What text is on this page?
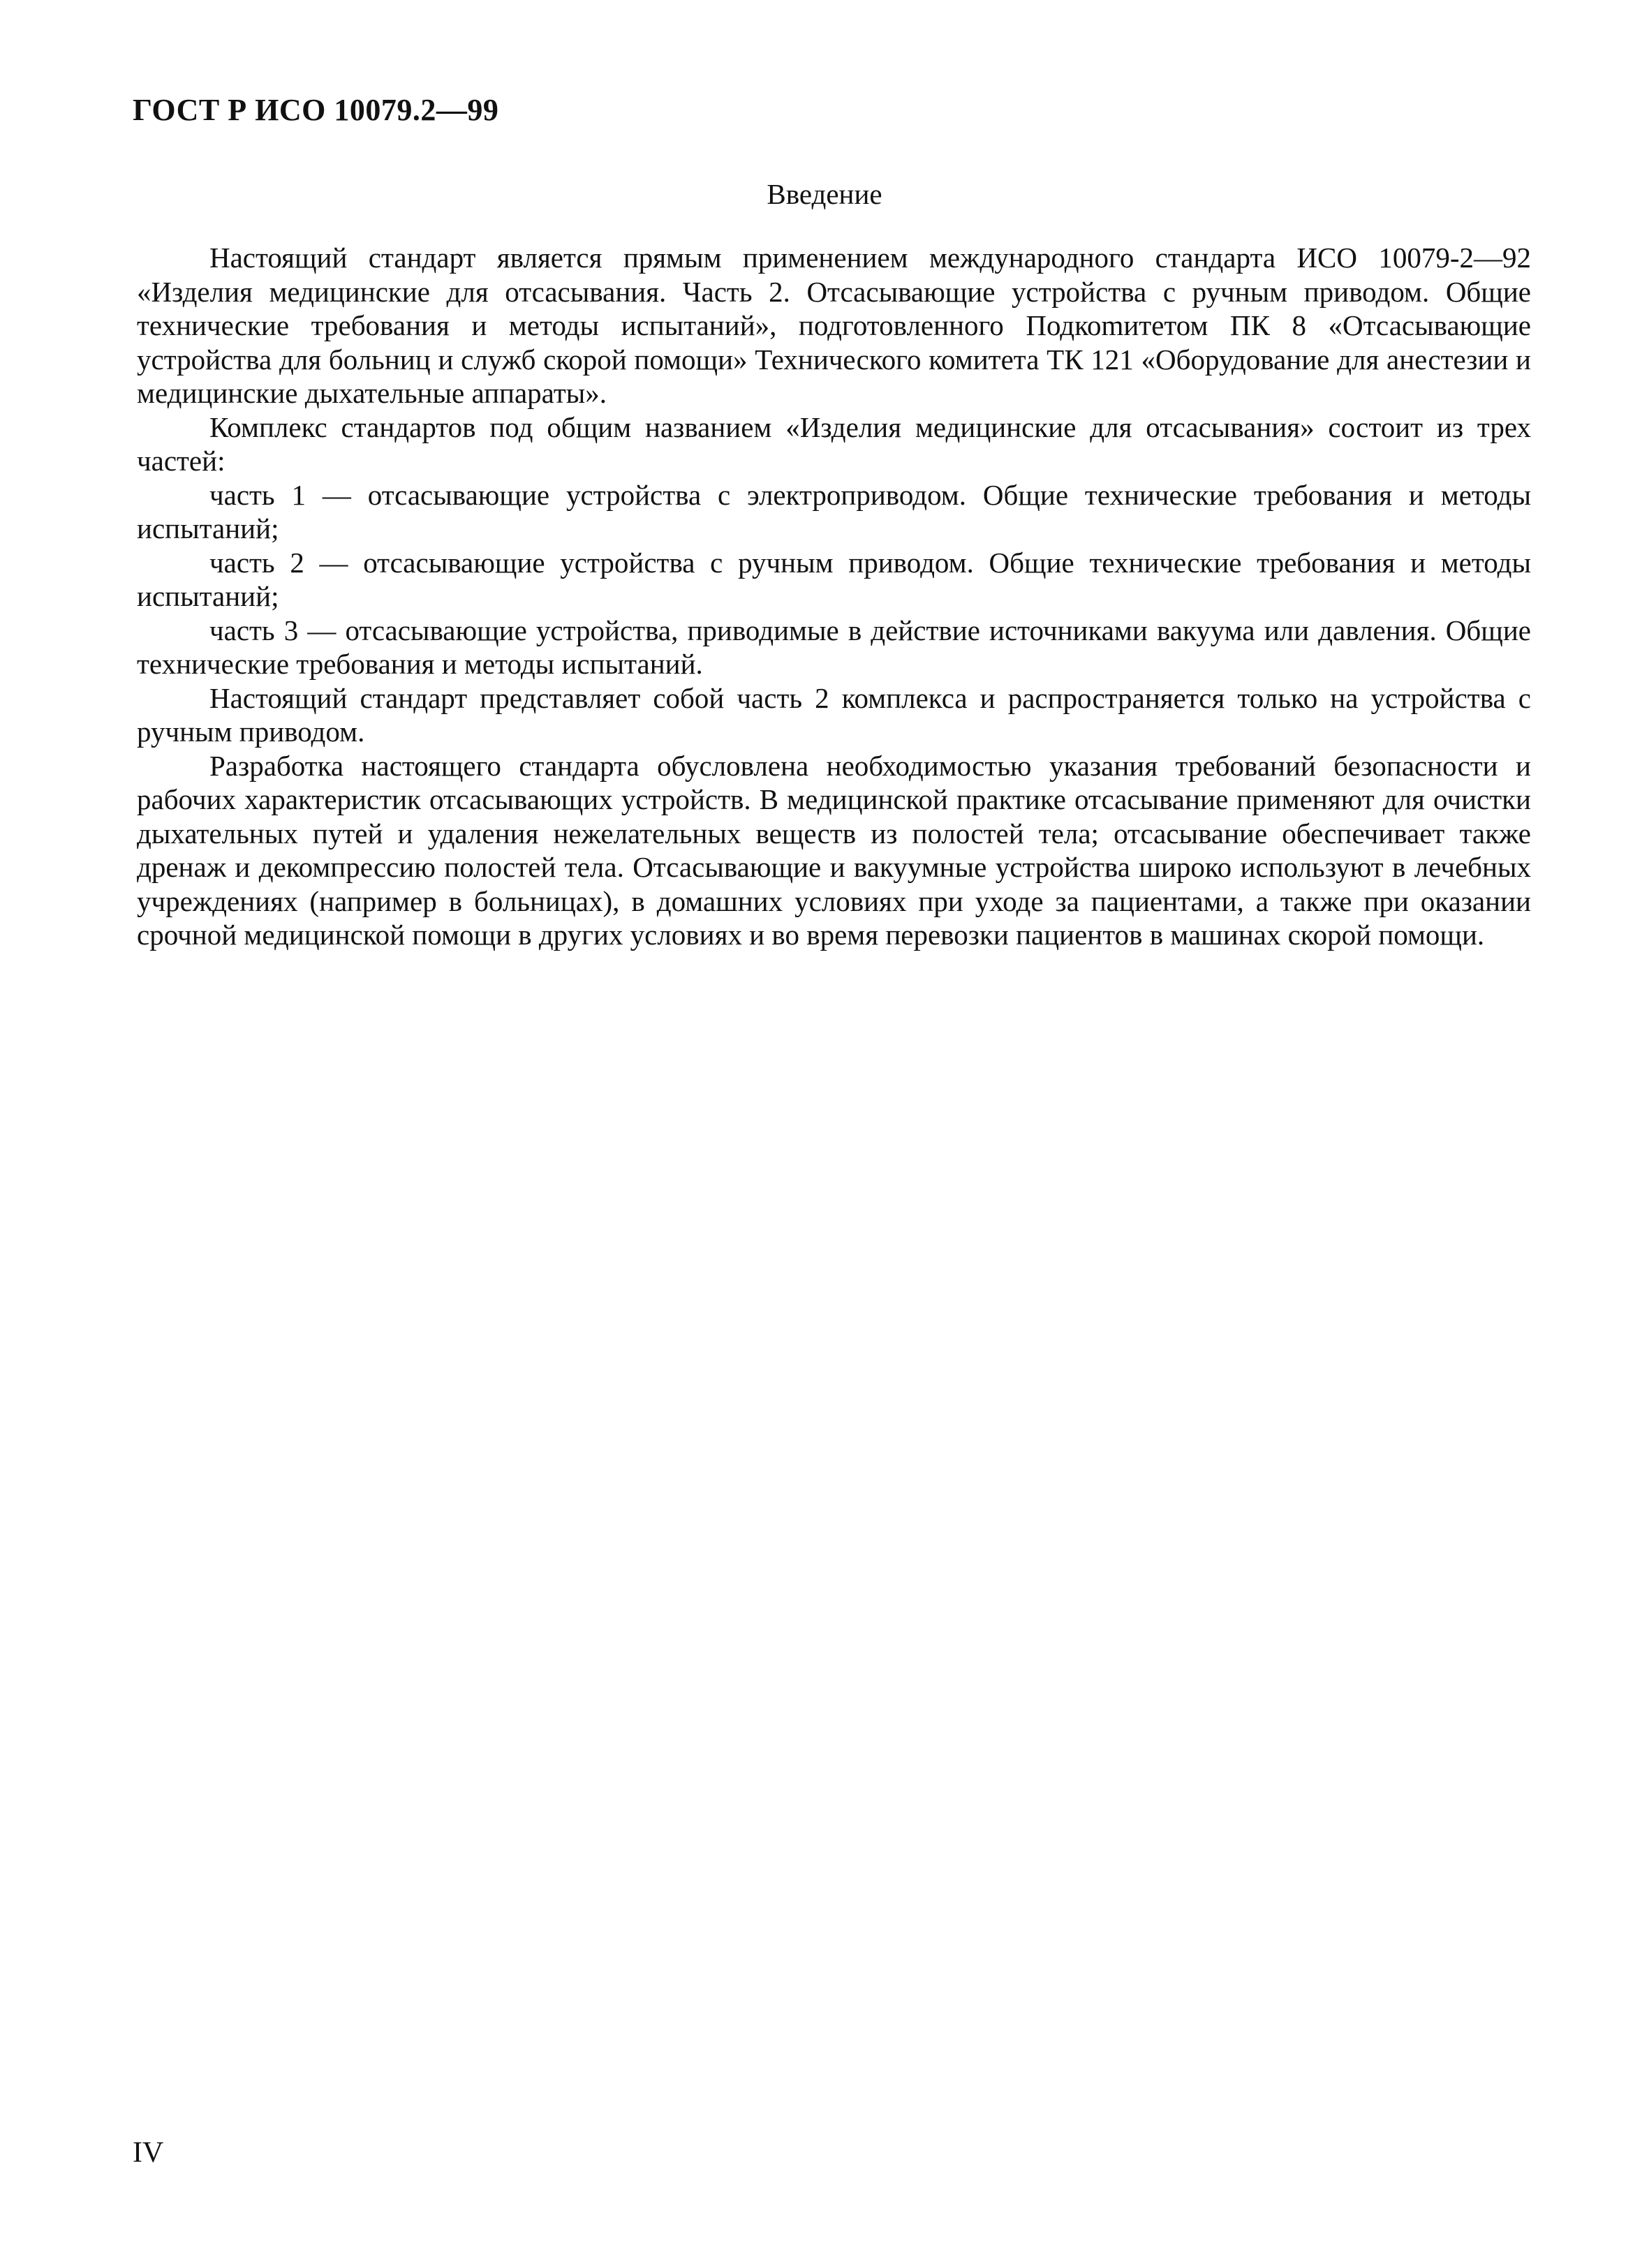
ГОСТ Р ИСО 10079.2—99
Введение

Настоящий стандарт является прямым применением международного стандарта ИСО 10079-2—92 «Изделия медицинские для отсасывания. Часть 2. Отсасывающие устройства с ручным приводом. Общие технические требования и методы испытаний», подготовленного Подкоmитетом ПК 8 «Отсасывающие устройства для больниц и служб скорой помощи» Технического комитета ТК 121 «Оборудование для анестезии и медицинские дыхательные аппараты».

Комплекс стандартов под общим названием «Изделия медицинские для отсасывания» состоит из трех частей:

часть 1 — отсасывающие устройства с электроприводом. Общие технические требования и методы испытаний;

часть 2 — отсасывающие устройства с ручным приводом. Общие технические требования и методы испытаний;

часть 3 — отсасывающие устройства, приводимые в действие источниками вакуума или давления. Общие технические требования и методы испытаний.

Настоящий стандарт представляет собой часть 2 комплекса и распространяется только на устройства с ручным приводом.

Разработка настоящего стандарта обусловлена необходимостью указания требований безопасности и рабочих характеристик отсасывающих устройств. В медицинской практике отсасывание применяют для очистки дыхательных путей и удаления нежелательных веществ из полостей тела; отсасывание обеспечивает также дренаж и декомпрессию полостей тела. Отсасывающие и вакуумные устройства широко используют в лечебных учреждениях (например в больницах), в домашних условиях при уходе за пациентами, а также при оказании срочной медицинской помощи в других условиях и во время перевозки пациентов в машинах скорой помощи.

IV
